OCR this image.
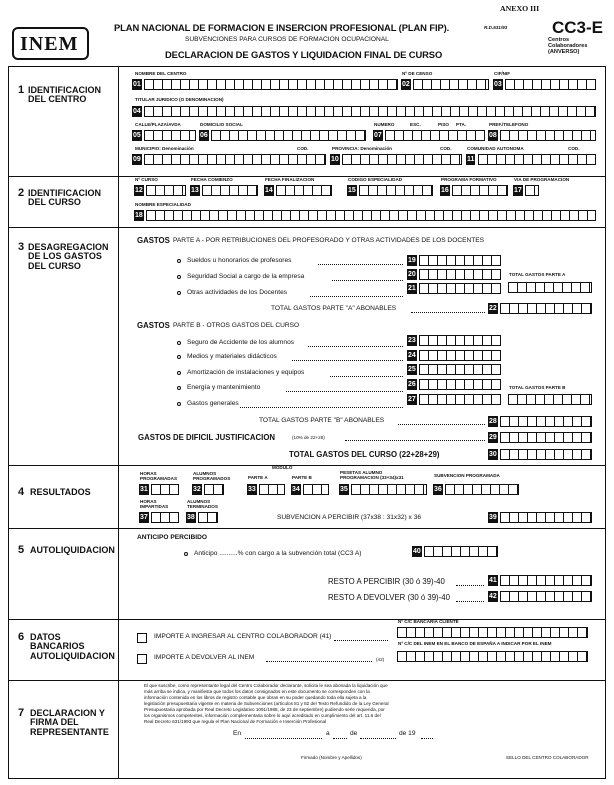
INEM
ANEXO III
PLAN NACIONAL DE FORMACION E INSERCION PROFESIONAL (PLAN FIP).	R.D.631/93
SUBVENCIONES PARA CURSOS DE FORMACION OCUPACIONAL
DECLARACION DE GASTOS Y LIQUIDACION FINAL DE CURSO
CC3-E
Centros
Colaboradores
(ANVERSO)
1 IDENTIFICACION DEL CENTRO
NOMBRE DEL CENTRO
01
Nº DE CENSO
02
CIF/NIF
03
TITULAR JURIDICO (O DENOMINACION)
04
CALLE/PLAZA/AVDA
05
DOMICILIO SOCIAL
06
NUMERO	ESC.	PISO PTA.
07
PREF./TELEFONO
08
MUNICIPIO: Denominación	COD.
09
PROVINCIA: Denominación	COD.
10
COMUNIDAD AUTONOMA	COD.
11
2 IDENTIFICACION DEL CURSO
Nº CURSO
12
FECHA COMIENZO
13
FECHA FINALIZACION
14
CODIGO ESPECIALIDAD
15
PROGRAMA FORMATIVO
16
VIA DE PROGRAMACION
17
NOMBRE ESPECIALIDAD
18
3 DESAGREGACION DE LOS GASTOS DEL CURSO
GASTOS PARTE A - POR RETRIBUCIONES DEL PROFESORADO Y OTRAS ACTIVIDADES DE LOS DOCENTES
Sueldos u honorarios de profesores	19
Seguridad Social a cargo de la empresa	20	TOTAL GASTOS PARTE A
Otras actividades de los Docentes
21
TOTAL GASTOS PARTE "A" ABONABLES	22
GASTOS PARTE B - OTROS GASTOS DEL CURSO
Seguro de Accidente de los alumnos	23
Medios y materiales didácticos	24
Amortización de instalaciones y equipos	25
Energía y mantenimiento	26	TOTAL GASTOS PARTE B
Gastos generales
27
TOTAL GASTOS PARTE "B" ABONABLES	28
GASTOS DE DIFICIL JUSTIFICACION	(10% de 22+28)	29
TOTAL GASTOS DEL CURSO (22+28+29)	30
4 RESULTADOS
HORAS PROGRAMADAS
31
ALUMNOS PROGRAMADOS
32
MODULO
PARTE A
33
PARTE B
34
PESETAS ALUMNO PROGRAMACION (33+34)x31
35
SUBVENCION PROGRAMADA
36
HORAS IMPARTIDAS
37
ALUMNOS TERMINADOS
38	SUBVENCION A PERCIBIR (37x38 : 31x32) x 36	39
5 AUTOLIQUIDACION
ANTICIPO PERCIBIDO
Anticipo ..........% con cargo a la subvención total (CC3 A)	40
RESTO A PERCIBIR (30 ó 39)-40	41
RESTO A DEVOLVER (30 ó 39)-40	42
6 DATOS BANCARIOS AUTOLIQUIDACION
IMPORTE A INGRESAR AL CENTRO COLABORADOR (41)
Nº C/C BANCARIA CLIENTE
IMPORTE A DEVOLVER AL INEM	(42)
Nº C/C DEL INEM EN EL BANCO DE ESPAÑA A INDICAR POR EL INEM
7 DECLARACION Y FIRMA DEL REPRESENTANTE
El que suscribe, como representante legal del Centro Colaborador declarante, solicita le sea abonada la liquidación que
más arriba se indica, y manifiesta que todos los datos consignados en este documento se corresponden con la
información contenida en los libros de registro contable que obran en su poder quedando toda ella sujeta a la
legislación presupuestaria vigente en materia de Subvenciones (artículos 81 y 82 del Texto Refundido de la Ley General
Presupuestaria aprobada por Real Decreto Legislativo 1091/1988, de 23 de septiembre) pudiendo serle requerida, por
los organismos competentes, información complementaria sobre lo aquí acreditado en cumplimiento del art. 11.6 del
Real Decreto 631/1993 que regula el Plan Nacional de Formación e Inserción Profesional
En	a	de	de 19
Firmado (Nombre y Apellidos)	SELLO DEL CENTRO COLABORADOR
